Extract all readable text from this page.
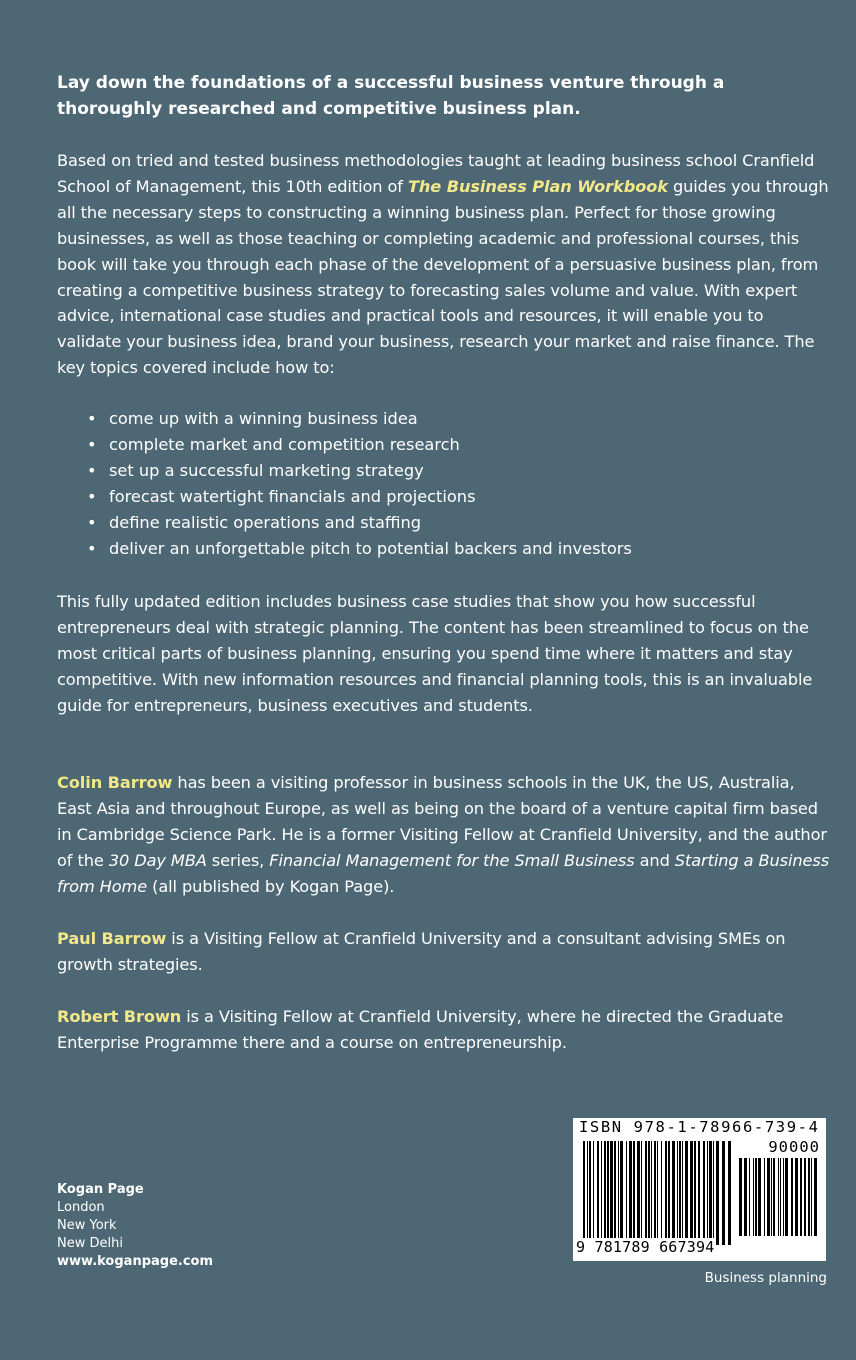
Lay down the foundations of a successful business venture through a thoroughly researched and competitive business plan.

Based on tried and tested business methodologies taught at leading business school Cranfield School of Management, this 10th edition of The Business Plan Workbook guides you through all the necessary steps to constructing a winning business plan. Perfect for those growing businesses, as well as those teaching or completing academic and professional courses, this book will take you through each phase of the development of a persuasive business plan, from creating a competitive business strategy to forecasting sales volume and value. With expert advice, international case studies and practical tools and resources, it will enable you to validate your business idea, brand your business, research your market and raise finance. The key topics covered include how to:

• come up with a winning business idea
• complete market and competition research
• set up a successful marketing strategy
• forecast watertight financials and projections
• define realistic operations and staffing
• deliver an unforgettable pitch to potential backers and investors

This fully updated edition includes business case studies that show you how successful entrepreneurs deal with strategic planning. The content has been streamlined to focus on the most critical parts of business planning, ensuring you spend time where it matters and stay competitive. With new information resources and financial planning tools, this is an invaluable guide for entrepreneurs, business executives and students.

Colin Barrow has been a visiting professor in business schools in the UK, the US, Australia, East Asia and throughout Europe, as well as being on the board of a venture capital firm based in Cambridge Science Park. He is a former Visiting Fellow at Cranfield University, and the author of the 30 Day MBA series, Financial Management for the Small Business and Starting a Business from Home (all published by Kogan Page).

Paul Barrow is a Visiting Fellow at Cranfield University and a consultant advising SMEs on growth strategies.

Robert Brown is a Visiting Fellow at Cranfield University, where he directed the Graduate Enterprise Programme there and a course on entrepreneurship.

Kogan Page
London
New York
New Delhi
www.koganpage.com
ISBN 978-1-78966-739-4
90000
9 781789 667394
Business planning
